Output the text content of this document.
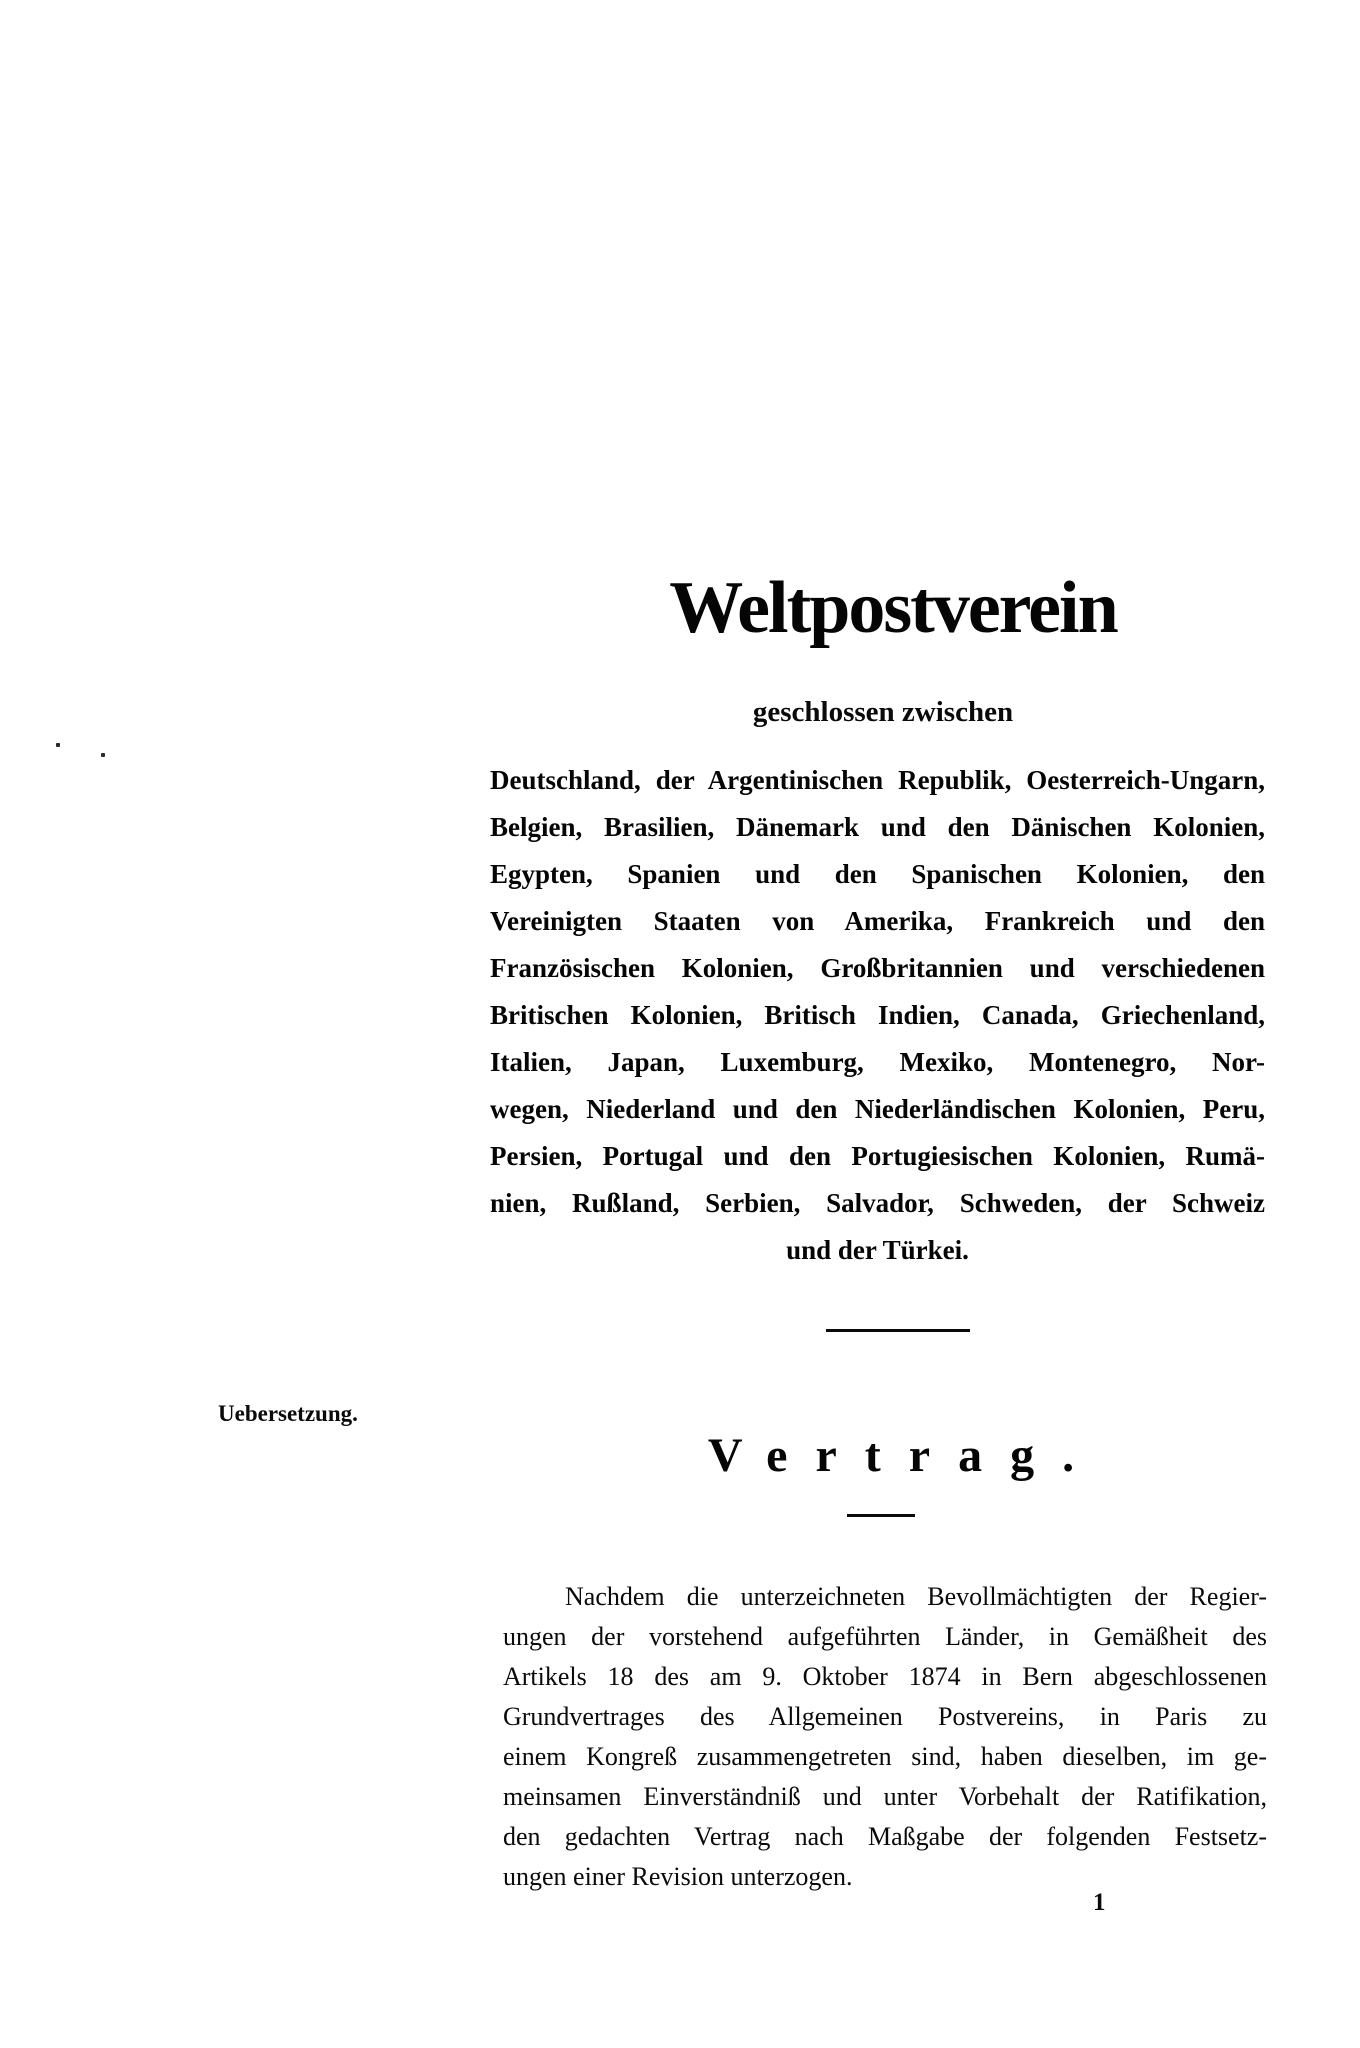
Weltpostverein
geschlossen zwischen
Deutschland, der Argentinischen Republik, Oesterreich-Ungarn,
Belgien, Brasilien, Dänemark und den Dänischen Kolonien,
Egypten, Spanien und den Spanischen Kolonien, den
Vereinigten Staaten von Amerika, Frankreich und den
Französischen Kolonien, Großbritannien und verschiedenen
Britischen Kolonien, Britisch Indien, Canada, Griechenland,
Italien, Japan, Luxemburg, Mexiko, Montenegro, Nor-
wegen, Niederland und den Niederländischen Kolonien, Peru,
Persien, Portugal und den Portugiesischen Kolonien, Rumä-
nien, Rußland, Serbien, Salvador, Schweden, der Schweiz
und der Türkei.
Uebersetzung.
Vertrag.
Nachdem die unterzeichneten Bevollmächtigten der Regier-
ungen der vorstehend aufgeführten Länder, in Gemäßheit des
Artikels 18 des am 9. Oktober 1874 in Bern abgeschlossenen
Grundvertrages des Allgemeinen Postvereins, in Paris zu
einem Kongreß zusammengetreten sind, haben dieselben, im ge-
meinsamen Einverständniß und unter Vorbehalt der Ratifikation,
den gedachten Vertrag nach Maßgabe der folgenden Festsetz-
ungen einer Revision unterzogen.
1
